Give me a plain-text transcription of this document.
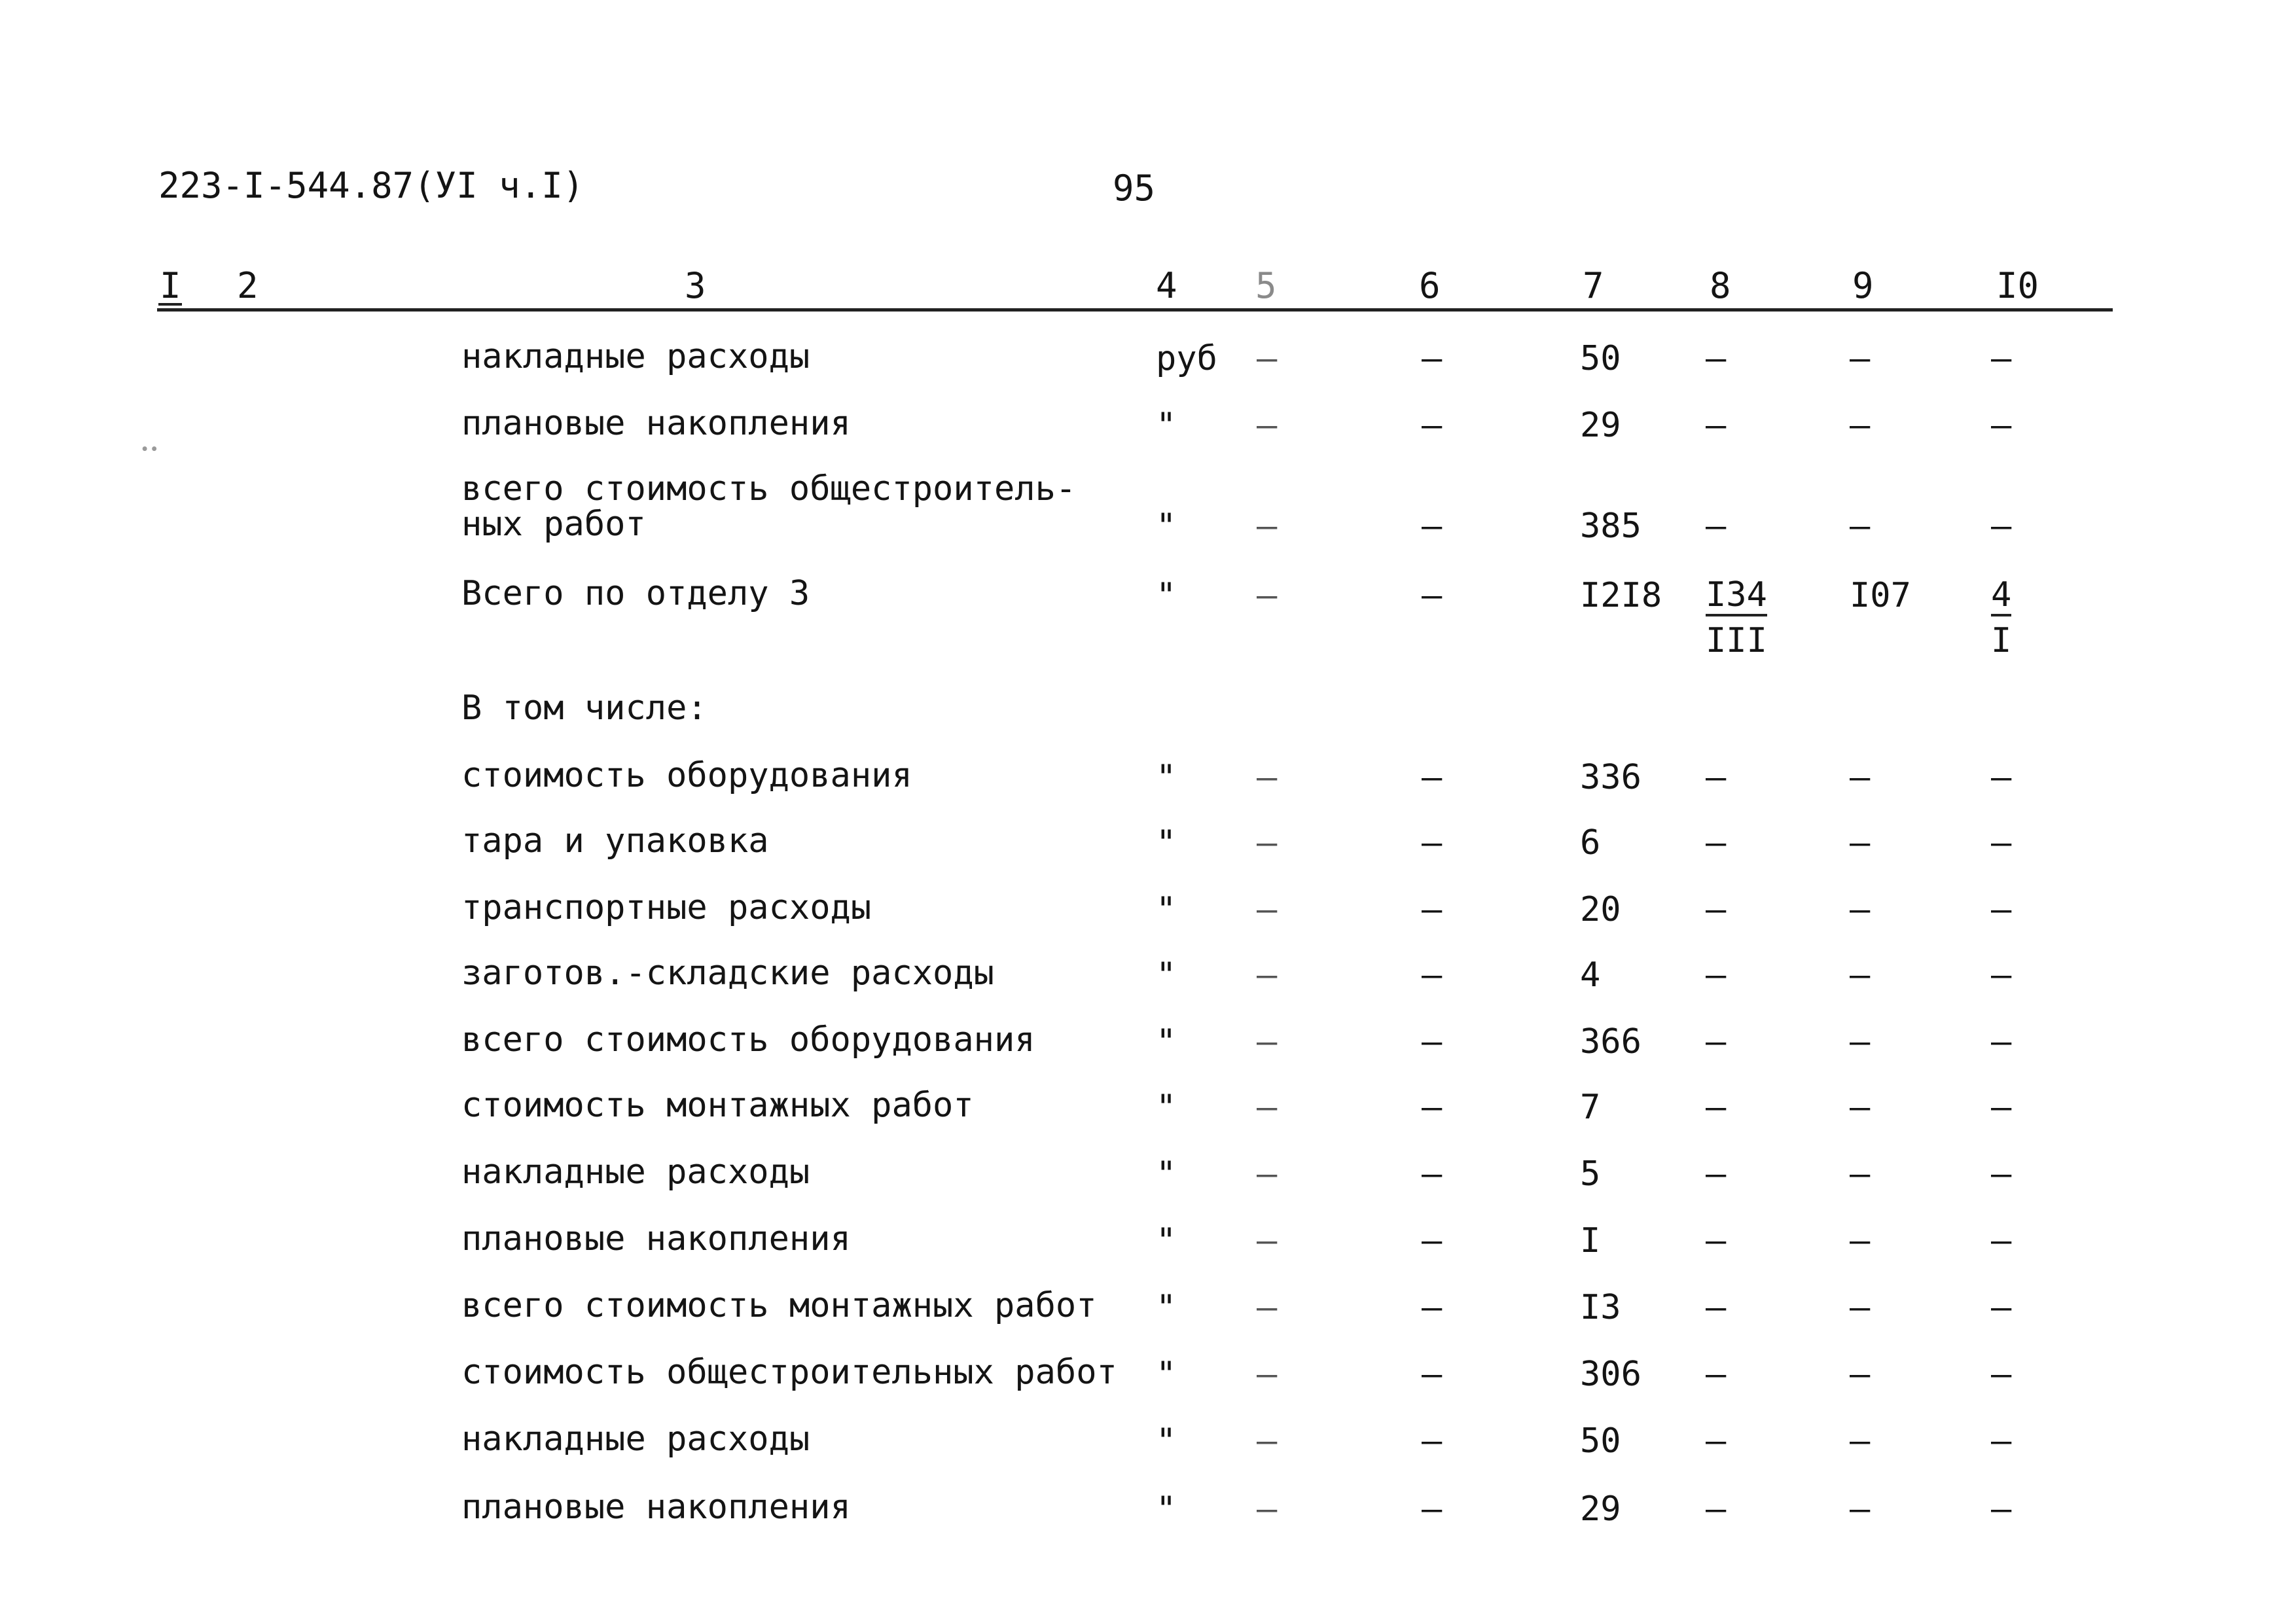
223-I-544.87(УI ч.I)	95
I 2	3	4 5	6	7	8	9	I0
∙∙
накладные расходы	руб –	–	50 –	–	–
плановые накопления	" –	–	29 –	–	–
всего стоимость общестроитель-
ных работ	" –	–	385 –	–	–
Всего по отделу 3	" –	–	$I2I8 \frac{I34}{\text{III}} I07 \frac{4}{I}$
В том числе:
стоимость оборудования	" –	–	336 –	–	–
тара и упаковка	" –	–	6	–	–	–
транспортные расходы	" –	–	20 –	–	–
заготов.-складские расходы	" –	–	4	–	–	–
всего стоимость оборудования	" –	–	366 –	–	–
стоимость монтажных работ	" –	–	7	–	–	–
накладные расходы	" –	–	5	–	–	–
плановые накопления	" –	–	I	–	–	–
всего стоимость монтажных работ " –	–	I3 –	–	–
стоимость общестроительных работ " –	–	306 –	–	–
накладные расходы	" –	–	50 –	–	–
плановые накопления	" –	–	29 –	–	–
